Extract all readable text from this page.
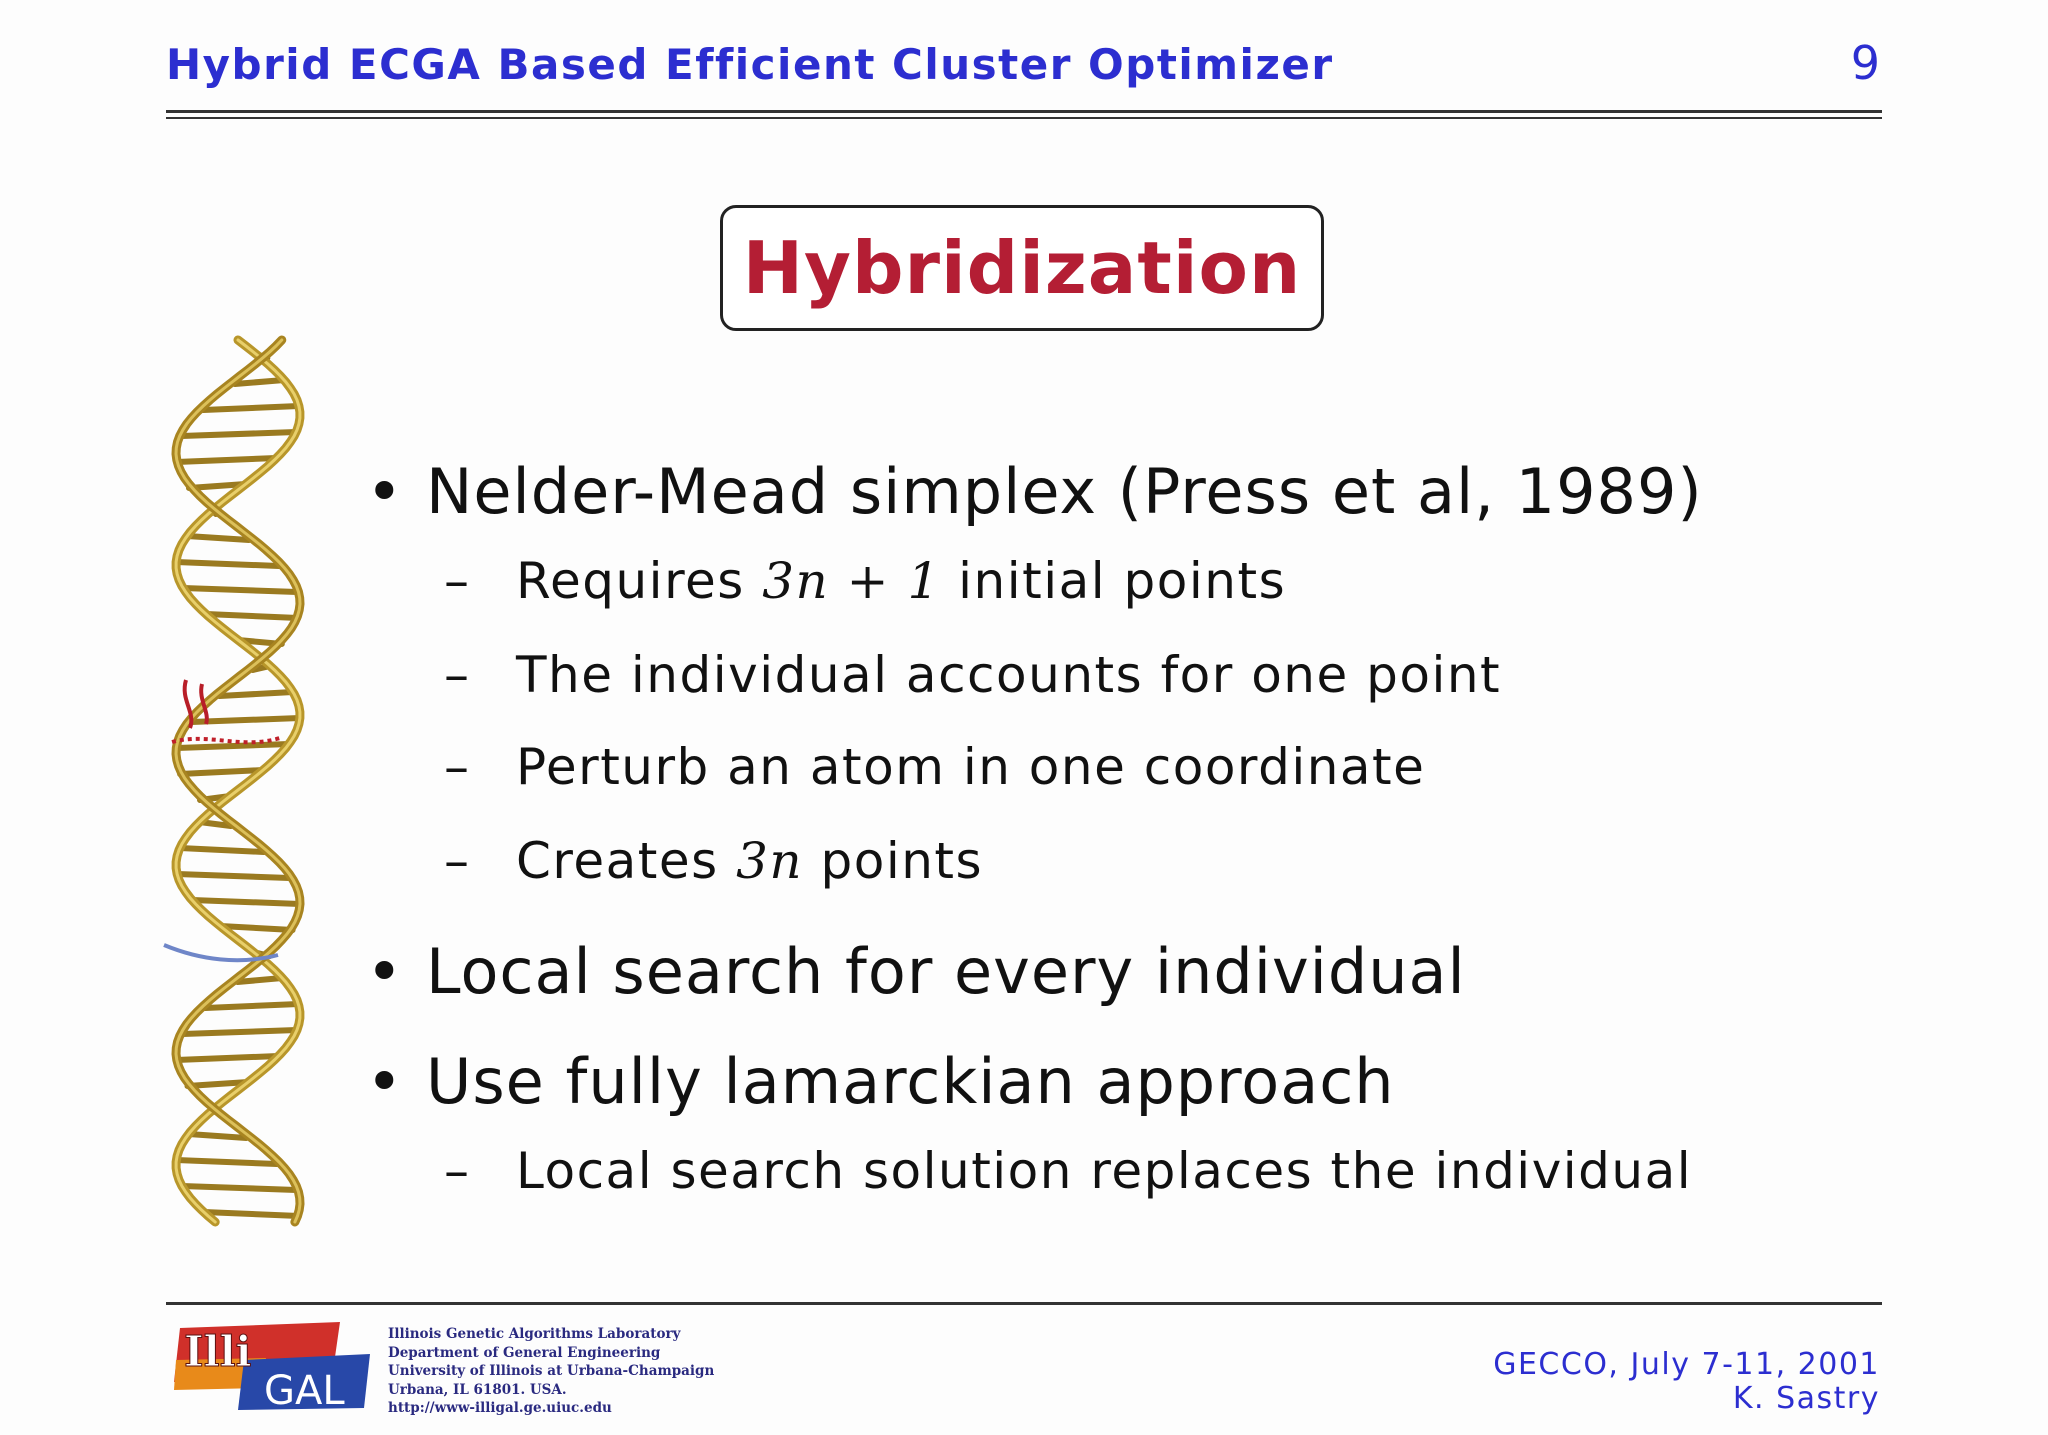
Hybrid ECGA Based Efficient Cluster Optimizer	9
Hybridization
• Nelder-Mead simplex (Press et al, 1989)
– Requires 3n + 1 initial points
– The individual accounts for one point
– Perturb an atom in one coordinate
– Creates 3n points
• Local search for every individual
• Use fully lamarckian approach
– Local search solution replaces the individual
Illi
GAL
Illinois Genetic Algorithms Laboratory
Department of General Engineering
University of Illinois at Urbana-Champaign
Urbana, IL 61801. USA.
http://www-illigal.ge.uiuc.edu
GECCO, July 7-11, 2001
K. Sastry
